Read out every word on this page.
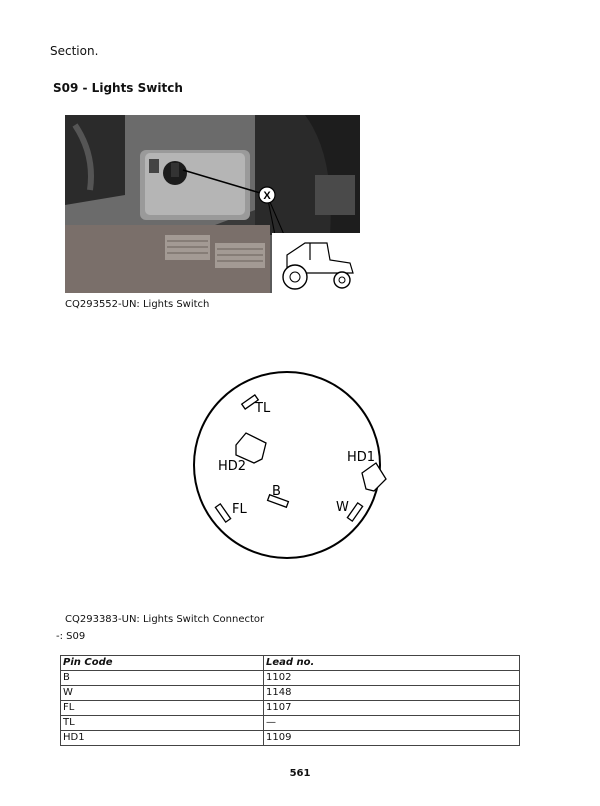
Section.
S09 - Lights Switch
X
CQ293552-UN: Lights Switch
TL
HD2
HD1
B
FL	W
CQ293383-UN: Lights Switch Connector
-: S09
Pin Code	Lead no.
B	1102
W	1148
FL	1107
TL	—
HD1	1109
561
